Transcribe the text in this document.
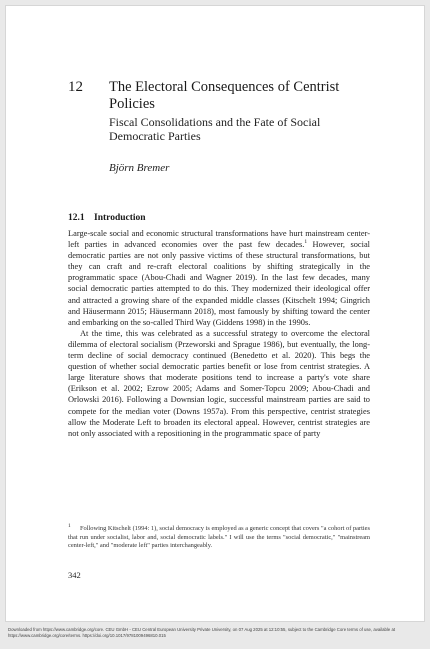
12 The Electoral Consequences of Centrist Policies
Fiscal Consolidations and the Fate of Social Democratic Parties
Björn Bremer
12.1 Introduction

Large-scale social and economic structural transformations have hurt mainstream center-left parties in advanced economies over the past few decades.$^1$ However, social democratic parties are not only passive victims of these structural transformations, but they can craft and re-craft electoral coalitions by shifting strategically in the programmatic space (Abou-Chadi and Wagner 2019). In the last few decades, many social democratic parties attempted to do this. They modernized their ideological offer and attracted a growing share of the expanded middle classes (Kitschelt 1994; Gingrich and Häusermann 2015; Häusermann 2018), most famously by shifting toward the center and embarking on the so-called Third Way (Giddens 1998) in the 1990s.

At the time, this was celebrated as a successful strategy to overcome the electoral dilemma of electoral socialism (Przeworski and Sprague 1986), but eventually, the long-term decline of social democracy continued (Benedetto et al. 2020). This begs the question of whether social democratic parties benefit or lose from centrist strategies. A large literature shows that moderate positions tend to increase a party's vote share (Erikson et al. 2002; Ezrow 2005; Adams and Somer-Topcu 2009; Abou-Chadi and Orlowski 2016). Following a Downsian logic, successful mainstream parties are said to compete for the median voter (Downs 1957a). From this perspective, centrist strategies allow the Moderate Left to broaden its electoral appeal. However, centrist strategies are not only associated with a repositioning in the programmatic space of party

$^1$ Following Kitschelt (1994: 1), social democracy is employed as a generic concept that covers "a cohort of parties that run under socialist, labor and, social democratic labels." I will use the terms "social democratic," "mainstream center-left," and "moderate left" parties interchangeably.
342
Downloaded from https://www.cambridge.org/core. CEU GmbH - CEU Central European University Private University, on 07 Aug 2025 at 12:10:55, subject to the Cambridge Core terms of use, available at https://www.cambridge.org/core/terms. https://doi.org/10.1017/9781009496810.015
